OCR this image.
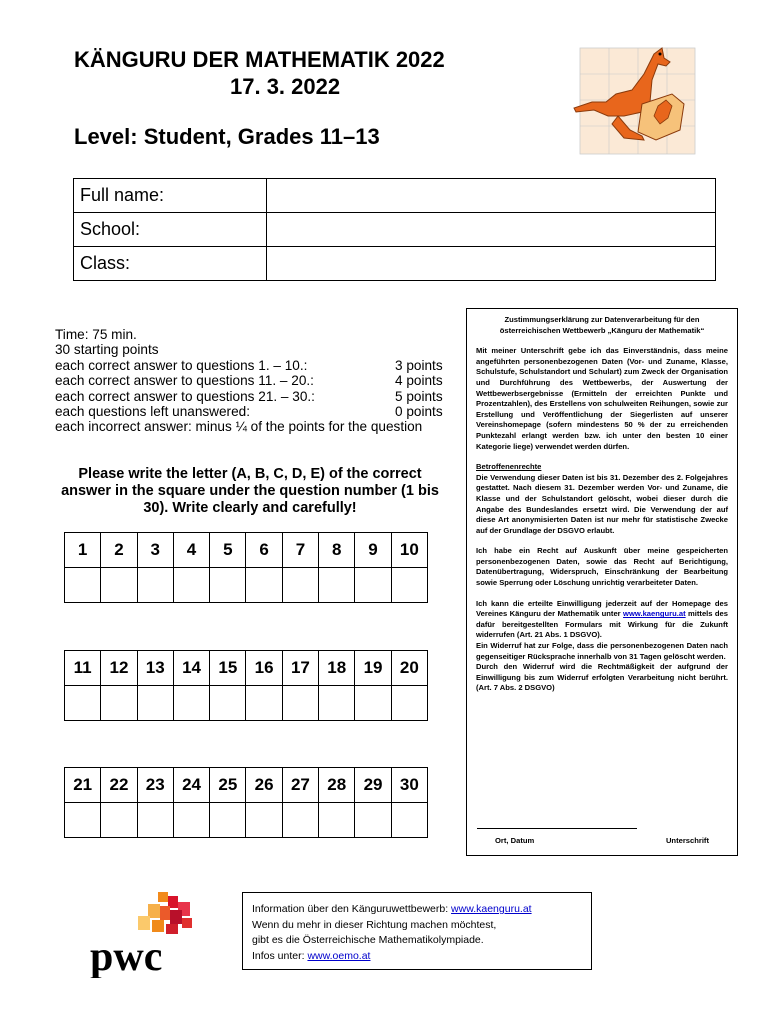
KÄNGURU DER MATHEMATIK 2022
17. 3. 2022
Level: Student, Grades 11–13
Full name:	
School:	
Class:	
Time: 75 min.
30 starting points
each correct answer to questions 1. – 10.:	3 points
each correct answer to questions 11. – 20.:	4 points
each correct answer to questions 21. – 30.:	5 points
each questions left unanswered:	0 points
each incorrect answer: minus ¼ of the points for the question
Please write the letter (A, B, C, D, E) of the correct answer in the square under the question number (1 bis 30). Write clearly and carefully!
1	2	3	4	5	6	7	8	9	10

11	12	13	14	15	16	17	18	19	20

21	22	23	24	25	26	27	28	29	30

Zustimmungserklärung zur Datenverarbeitung für den österreichischen Wettbewerb „Känguru der Mathematik“

Mit meiner Unterschrift gebe ich das Einverständnis, dass meine angeführten personenbezogenen Daten (Vor- und Zuname, Klasse, Schulstufe, Schulstandort und Schulart) zum Zweck der Organisation und Durchführung des Wettbewerbs, der Auswertung der Wettbewerbsergebnisse (Ermitteln der erreichten Punkte und Prozentzahlen), des Erstellens von schulweiten Reihungen, sowie zur Erstellung und Veröffentlichung der Siegerlisten auf unserer Vereinshomepage (sofern mindestens 50 % der zu erreichenden Punktezahl erlangt werden bzw. ich unter den besten 10 einer Kategorie liege) verwendet werden dürfen.

Betroffenenrechte

Die Verwendung dieser Daten ist bis 31. Dezember des 2. Folgejahres gestattet. Nach diesem 31. Dezember werden Vor- und Zuname, die Klasse und der Schulstandort gelöscht, wobei dieser durch die Angabe des Bundeslandes ersetzt wird. Die Verwendung der auf diese Art anonymisierten Daten ist nur mehr für statistische Zwecke auf der Grundlage der DSGVO erlaubt.

Ich habe ein Recht auf Auskunft über meine gespeicherten personenbezogenen Daten, sowie das Recht auf Berichtigung, Datenübertragung, Widerspruch, Einschränkung der Bearbeitung sowie Sperrung oder Löschung unrichtig verarbeiteter Daten.

Ich kann die erteilte Einwilligung jederzeit auf der Homepage des Vereines Känguru der Mathematik unter www.kaenguru.at mittels des dafür bereitgestellten Formulars mit Wirkung für die Zukunft widerrufen (Art. 21 Abs. 1 DSGVO).

Ein Widerruf hat zur Folge, dass die personenbezogenen Daten nach gegenseitiger Rücksprache innerhalb von 31 Tagen gelöscht werden.

Durch den Widerruf wird die Rechtmäßigkeit der aufgrund der Einwilligung bis zum Widerruf erfolgten Verarbeitung nicht berührt. (Art. 7 Abs. 2 DSGVO)

Ort, Datum	Unterschrift
pwc
Information über den Känguruwettbewerb: www.kaenguru.at
Wenn du mehr in dieser Richtung machen möchtest,
gibt es die Österreichische Mathematikolympiade.
Infos unter: www.oemo.at
